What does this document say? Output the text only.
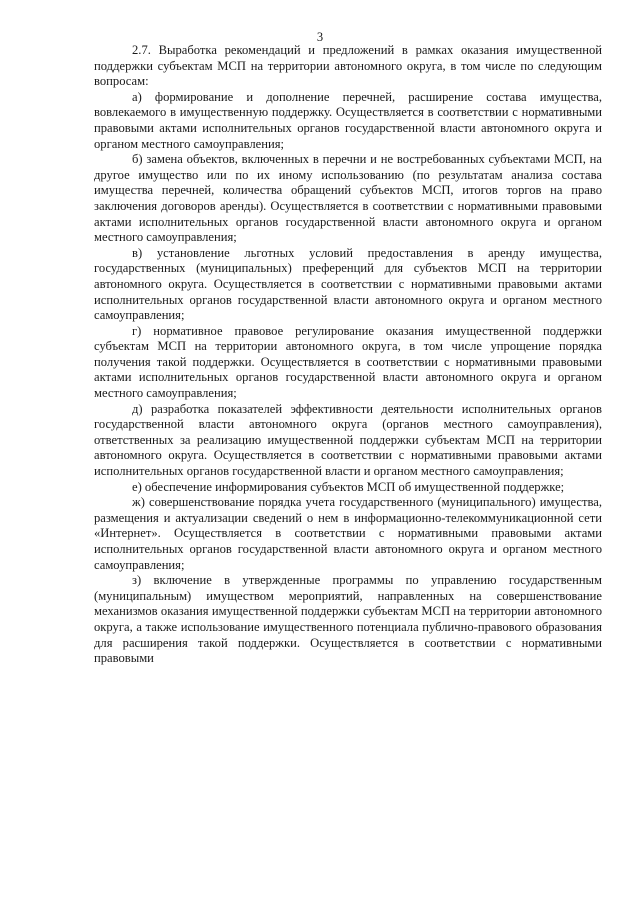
3

2.7. Выработка рекомендаций и предложений в рамках оказания имущественной поддержки субъектам МСП на территории автономного округа, в том числе по следующим вопросам:

а) формирование и дополнение перечней, расширение состава имущества, вовлекаемого в имущественную поддержку. Осуществляется в соответствии с нормативными правовыми актами исполнительных органов государственной власти автономного округа и органом местного самоуправления;

б) замена объектов, включенных в перечни и не востребованных субъектами МСП, на другое имущество или по их иному использованию (по результатам анализа состава имущества перечней, количества обращений субъектов МСП, итогов торгов на право заключения договоров аренды). Осуществляется в соответствии с нормативными правовыми актами исполнительных органов государственной власти автономного округа и органом местного самоуправления;

в) установление льготных условий предоставления в аренду имущества, государственных (муниципальных) преференций для субъектов МСП на территории автономного округа. Осуществляется в соответствии с нормативными правовыми актами исполнительных органов государственной власти автономного округа и органом местного самоуправления;

г) нормативное правовое регулирование оказания имущественной поддержки субъектам МСП на территории автономного округа, в том числе упрощение порядка получения такой поддержки. Осуществляется в соответствии с нормативными правовыми актами исполнительных органов государственной власти автономного округа и органом местного самоуправления;

д) разработка показателей эффективности деятельности исполнительных органов государственной власти автономного округа (органов местного самоуправления), ответственных за реализацию имущественной поддержки субъектам МСП на территории автономного округа. Осуществляется в соответствии с нормативными правовыми актами исполнительных органов государственной власти и органом местного самоуправления;

е) обеспечение информирования субъектов МСП об имущественной поддержке;

ж) совершенствование порядка учета государственного (муниципального) имущества, размещения и актуализации сведений о нем в информационно-телекоммуникационной сети «Интернет». Осуществляется в соответствии с нормативными правовыми актами исполнительных органов государственной власти автономного округа и органом местного самоуправления;

з) включение в утвержденные программы по управлению государственным (муниципальным) имуществом мероприятий, направленных на совершенствование механизмов оказания имущественной поддержки субъектам МСП на территории автономного округа, а также использование имущественного потенциала публично-правового образования для расширения такой поддержки. Осуществляется в соответствии с нормативными правовыми
